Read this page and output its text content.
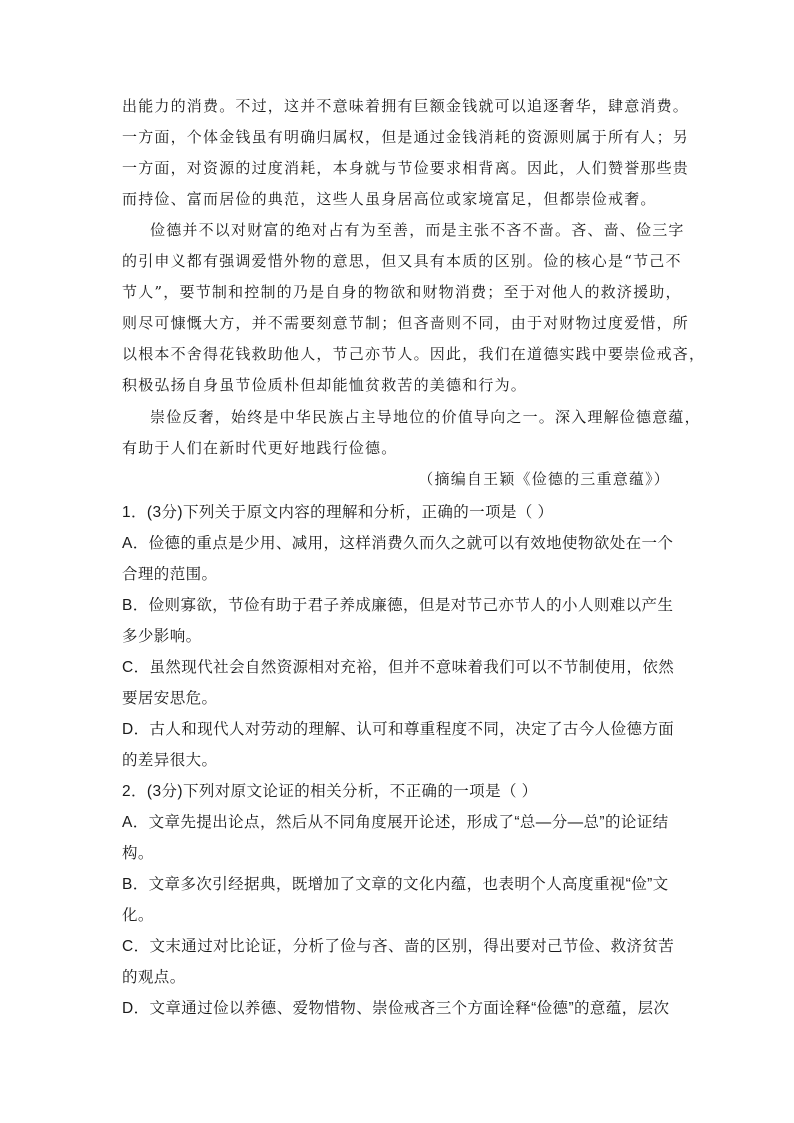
出能力的消费。不过，这并不意味着拥有巨额金钱就可以追逐奢华，肆意消费。
一方面，个体金钱虽有明确归属权，但是通过金钱消耗的资源则属于所有人；另
一方面，对资源的过度消耗，本身就与节俭要求相背离。因此，人们赞誉那些贵
而持俭、富而居俭的典范，这些人虽身居高位或家境富足，但都崇俭戒奢。
俭德并不以对财富的绝对占有为至善，而是主张不吝不啬。吝、啬、俭三字
的引申义都有强调爱惜外物的意思，但又具有本质的区别。俭的核心是“节己不
节人”，要节制和控制的乃是自身的物欲和财物消费；至于对他人的救济援助，
则尽可慷慨大方，并不需要刻意节制；但吝啬则不同，由于对财物过度爱惜，所
以根本不舍得花钱救助他人，节己亦节人。因此，我们在道德实践中要崇俭戒吝，
积极弘扬自身虽节俭质朴但却能恤贫救苦的美德和行为。
崇俭反奢，始终是中华民族占主导地位的价值导向之一。深入理解俭德意蕴，
有助于人们在新时代更好地践行俭德。
（摘编自王颖《俭德的三重意蕴》）
1．(3分)下列关于原文内容的理解和分析，正确的一项是（ ）
A．俭德的重点是少用、减用，这样消费久而久之就可以有效地使物欲处在一个
合理的范围。
B．俭则寡欲，节俭有助于君子养成廉德，但是对节己亦节人的小人则难以产生
多少影响。
C．虽然现代社会自然资源相对充裕，但并不意味着我们可以不节制使用，依然
要居安思危。
D．古人和现代人对劳动的理解、认可和尊重程度不同，决定了古今人俭德方面
的差异很大。
2．(3分)下列对原文论证的相关分析，不正确的一项是（ ）
A．文章先提出论点，然后从不同角度展开论述，形成了“总—分—总”的论证结
构。
B．文章多次引经据典，既增加了文章的文化内蕴，也表明个人高度重视“俭”文
化。
C．文末通过对比论证，分析了俭与吝、啬的区别，得出要对己节俭、救济贫苦
的观点。
D．文章通过俭以养德、爱物惜物、崇俭戒吝三个方面诠释“俭德”的意蕴，层次
